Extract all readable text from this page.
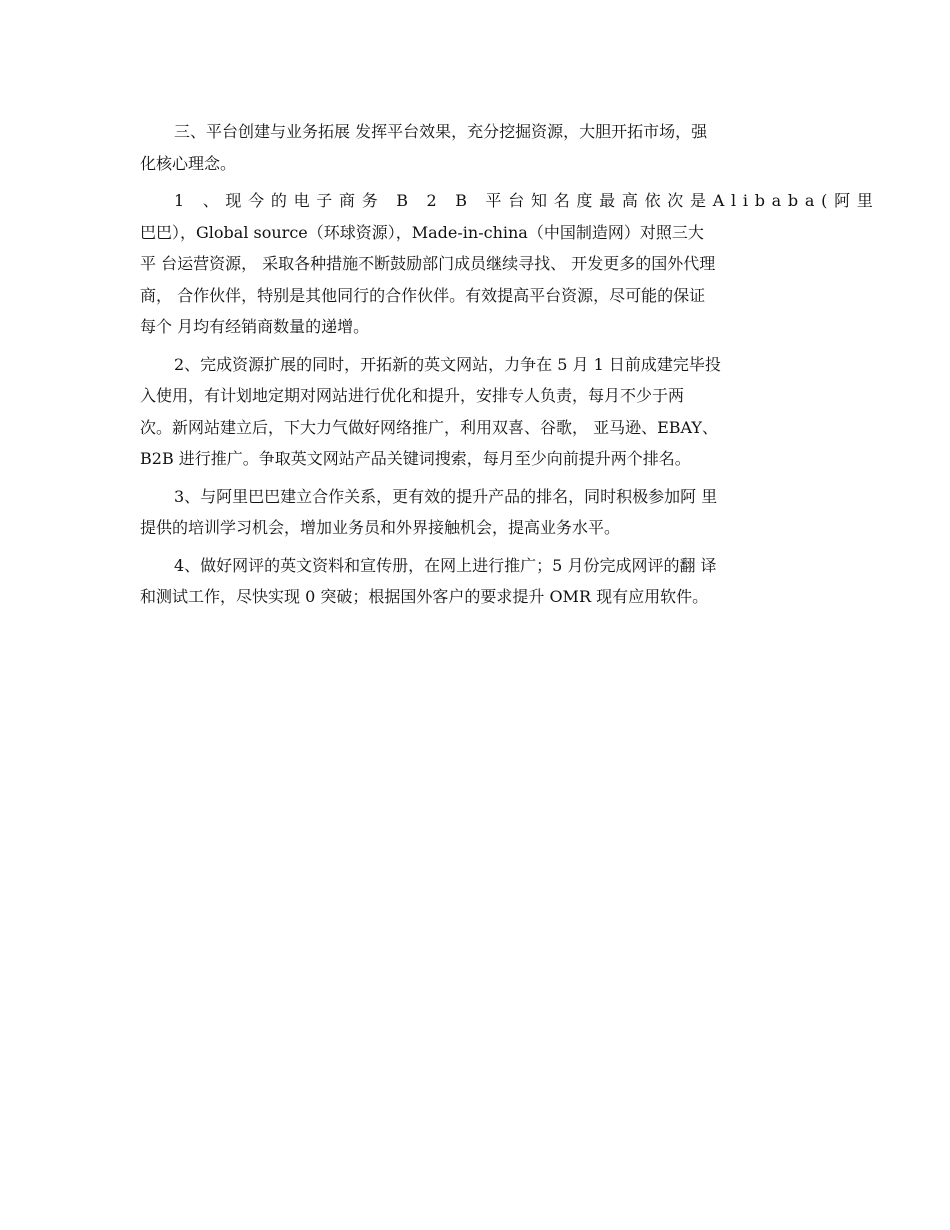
三、平台创建与业务拓展 发挥平台效果，充分挖掘资源，大胆开拓市场，强
化核心理念。
1 、现今的电子商务 B 2 B 平台知名度最高依次是Alibaba(阿里
巴巴），Global source（环球资源），Made-in-china（中国制造网）对照三大
平 台运营资源， 采取各种措施不断鼓励部门成员继续寻找、 开发更多的国外代理
商， 合作伙伴，特别是其他同行的合作伙伴。有效提高平台资源，尽可能的保证
每个 月均有经销商数量的递增。
2、完成资源扩展的同时，开拓新的英文网站，力争在 5 月 1 日前成建完毕投
入使用，有计划地定期对网站进行优化和提升，安排专人负责，每月不少于两
次。新网站建立后，下大力气做好网络推广，利用双喜、谷歌， 亚马逊、EBAY、
B2B 进行推广。争取英文网站产品关键词搜索，每月至少向前提升两个排名。
3、与阿里巴巴建立合作关系，更有效的提升产品的排名，同时积极参加阿 里
提供的培训学习机会，增加业务员和外界接触机会，提高业务水平。
4、做好网评的英文资料和宣传册，在网上进行推广；5 月份完成网评的翻 译
和测试工作，尽快实现 0 突破；根据国外客户的要求提升 OMR 现有应用软件。
